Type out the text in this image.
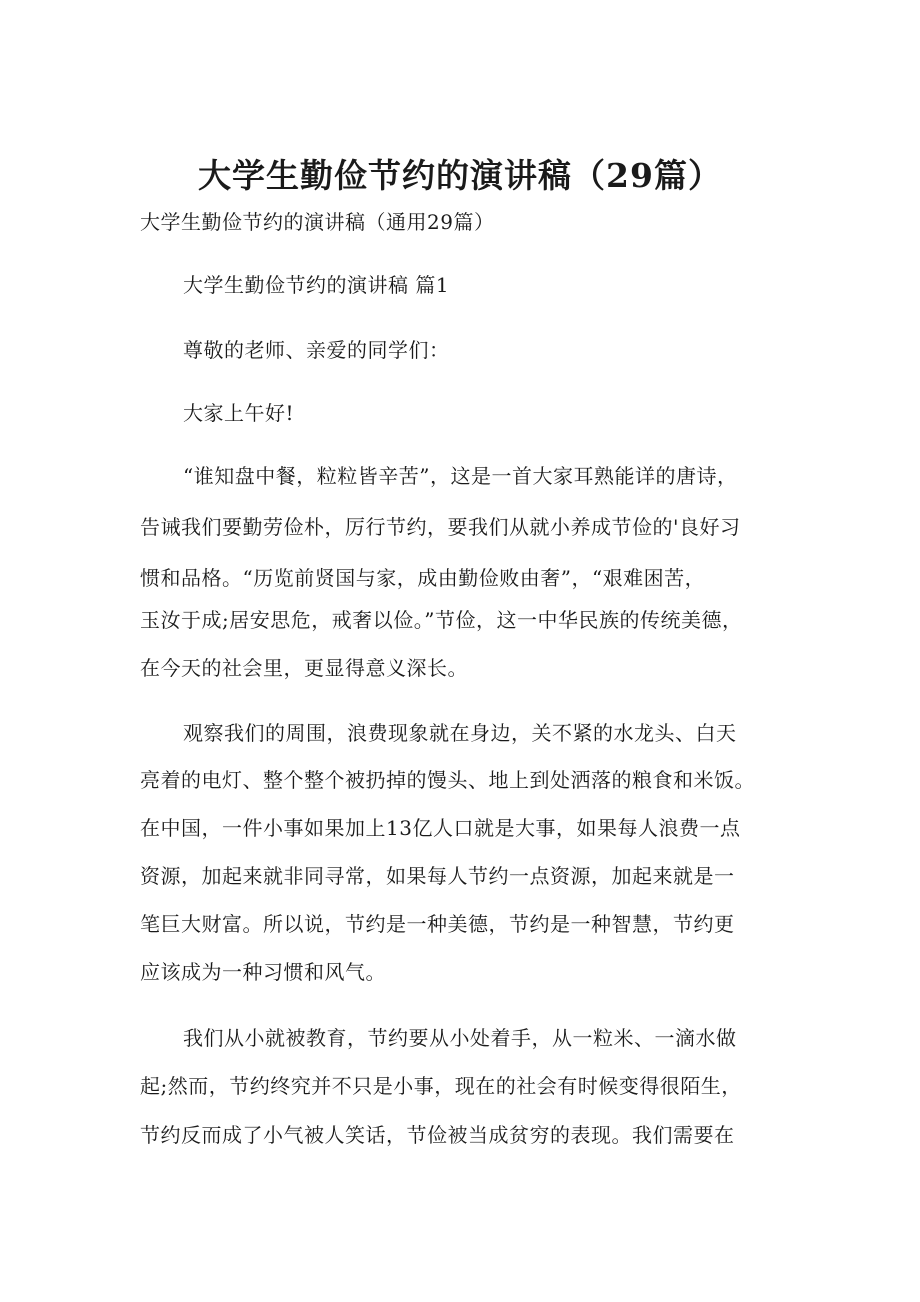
大学生勤俭节约的演讲稿（29篇）
大学生勤俭节约的演讲稿（通用29篇）
大学生勤俭节约的演讲稿 篇1
尊敬的老师、亲爱的同学们：
大家上午好!
“谁知盘中餐，粒粒皆辛苦”，这是一首大家耳熟能详的唐诗，
告诫我们要勤劳俭朴，厉行节约，要我们从就小养成节俭的'良好习
惯和品格。“历览前贤国与家，成由勤俭败由奢”，“艰难困苦，
玉汝于成;居安思危，戒奢以俭。”节俭，这一中华民族的传统美德，
在今天的社会里，更显得意义深长。
观察我们的周围，浪费现象就在身边，关不紧的水龙头、白天
亮着的电灯、整个整个被扔掉的馒头、地上到处洒落的粮食和米饭。
在中国，一件小事如果加上13亿人口就是大事，如果每人浪费一点
资源，加起来就非同寻常，如果每人节约一点资源，加起来就是一
笔巨大财富。所以说，节约是一种美德，节约是一种智慧，节约更
应该成为一种习惯和风气。
我们从小就被教育，节约要从小处着手，从一粒米、一滴水做
起;然而，节约终究并不只是小事，现在的社会有时候变得很陌生，
节约反而成了小气被人笑话，节俭被当成贫穷的表现。我们需要在
